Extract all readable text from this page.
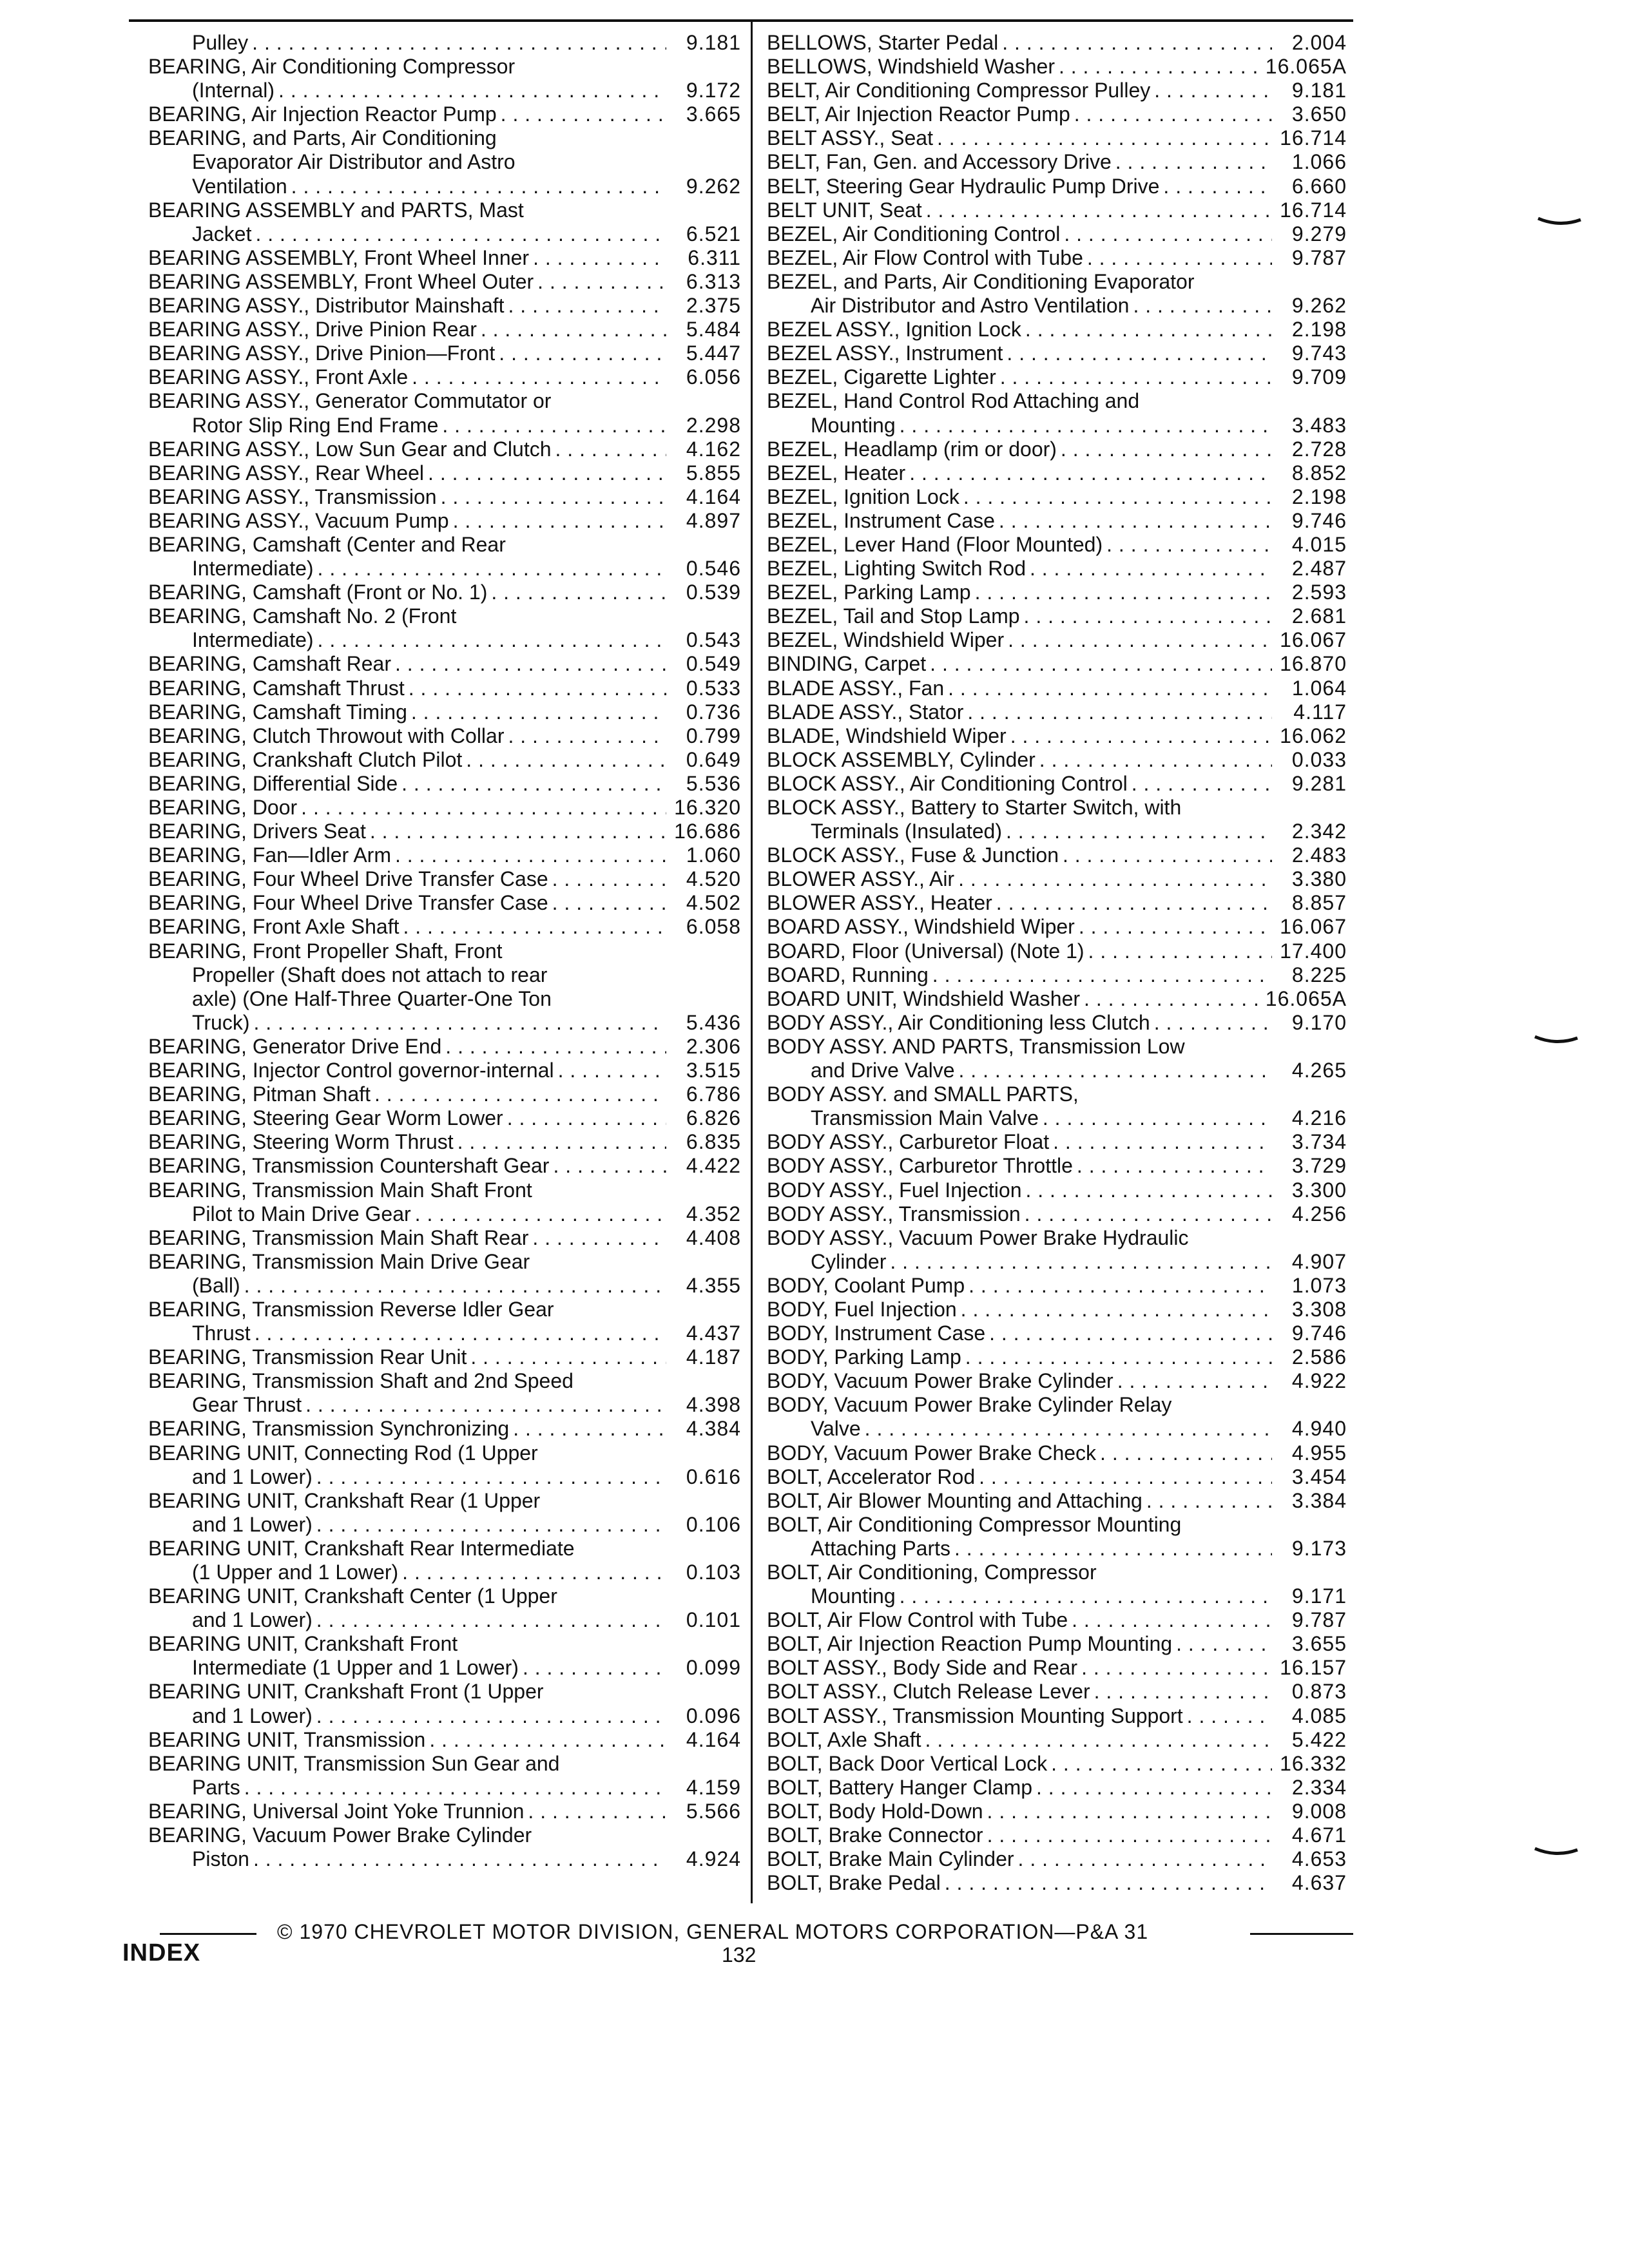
Pulley . . .	9.181
BEARING, Air Conditioning Compressor
(Internal) . . .	9.172
BEARING, Air Injection Reactor Pump . . .	3.665
BEARING, and Parts, Air Conditioning
Evaporator Air Distributor and Astro
Ventilation . . .	9.262
BEARING ASSEMBLY and PARTS, Mast
Jacket . . .	6.521
BEARING ASSEMBLY, Front Wheel Inner . . .	6.311
BEARING ASSEMBLY, Front Wheel Outer . . .	6.313
BEARING ASSY., Distributor Mainshaft . . .	2.375
BEARING ASSY., Drive Pinion Rear . . .	5.484
BEARING ASSY., Drive Pinion—Front . . .	5.447
BEARING ASSY., Front Axle . . .	6.056
BEARING ASSY., Generator Commutator or
Rotor Slip Ring End Frame . . .	2.298
BEARING ASSY., Low Sun Gear and Clutch . . .	4.162
BEARING ASSY., Rear Wheel . . .	5.855
BEARING ASSY., Transmission . . .	4.164
BEARING ASSY., Vacuum Pump . . .	4.897
BEARING, Camshaft (Center and Rear
Intermediate) . . .	0.546
BEARING, Camshaft (Front or No. 1) . . .	0.539
BEARING, Camshaft No. 2 (Front
Intermediate) . . .	0.543
BEARING, Camshaft Rear . . .	0.549
BEARING, Camshaft Thrust . . .	0.533
BEARING, Camshaft Timing . . .	0.736
BEARING, Clutch Throwout with Collar . . .	0.799
BEARING, Crankshaft Clutch Pilot . . .	0.649
BEARING, Differential Side . . .	5.536
BEARING, Door . . .	16.320
BEARING, Drivers Seat . . .	16.686
BEARING, Fan—Idler Arm . . .	1.060
BEARING, Four Wheel Drive Transfer Case . . .	4.520
BEARING, Four Wheel Drive Transfer Case . . .	4.502
BEARING, Front Axle Shaft . . .	6.058
BEARING, Front Propeller Shaft, Front
Propeller (Shaft does not attach to rear
axle) (One Half-Three Quarter-One Ton
Truck) . . .	5.436
BEARING, Generator Drive End . . .	2.306
BEARING, Injector Control governor-internal . . .	3.515
BEARING, Pitman Shaft . . .	6.786
BEARING, Steering Gear Worm Lower . . .	6.826
BEARING, Steering Worm Thrust . . .	6.835
BEARING, Transmission Countershaft Gear . . .	4.422
BEARING, Transmission Main Shaft Front
Pilot to Main Drive Gear . . .	4.352
BEARING, Transmission Main Shaft Rear . . .	4.408
BEARING, Transmission Main Drive Gear
(Ball) . . .	4.355
BEARING, Transmission Reverse Idler Gear
Thrust . . .	4.437
BEARING, Transmission Rear Unit . . .	4.187
BEARING, Transmission Shaft and 2nd Speed
Gear Thrust . . .	4.398
BEARING, Transmission Synchronizing . . .	4.384
BEARING UNIT, Connecting Rod (1 Upper
and 1 Lower) . . .	0.616
BEARING UNIT, Crankshaft Rear (1 Upper
and 1 Lower) . . .	0.106
BEARING UNIT, Crankshaft Rear Intermediate
(1 Upper and 1 Lower) . . .	0.103
BEARING UNIT, Crankshaft Center (1 Upper
and 1 Lower) . . .	0.101
BEARING UNIT, Crankshaft Front
Intermediate (1 Upper and 1 Lower) . . .	0.099
BEARING UNIT, Crankshaft Front (1 Upper
and 1 Lower) . . .	0.096
BEARING UNIT, Transmission . . .	4.164
BEARING UNIT, Transmission Sun Gear and
Parts . . .	4.159
BEARING, Universal Joint Yoke Trunnion . . .	5.566
BEARING, Vacuum Power Brake Cylinder
Piston . . .	4.924
BELLOWS, Starter Pedal . . .	2.004
BELLOWS, Windshield Washer . . .	16.065A
BELT, Air Conditioning Compressor Pulley . . .	9.181
BELT, Air Injection Reactor Pump . . .	3.650
BELT ASSY., Seat . . .	16.714
BELT, Fan, Gen. and Accessory Drive . . .	1.066
BELT, Steering Gear Hydraulic Pump Drive . . .	6.660
BELT UNIT, Seat . . .	16.714
BEZEL, Air Conditioning Control . . .	9.279
BEZEL, Air Flow Control with Tube . . .	9.787
BEZEL, and Parts, Air Conditioning Evaporator
Air Distributor and Astro Ventilation . . .	9.262
BEZEL ASSY., Ignition Lock . . .	2.198
BEZEL ASSY., Instrument . . .	9.743
BEZEL, Cigarette Lighter . . .	9.709
BEZEL, Hand Control Rod Attaching and
Mounting . . .	3.483
BEZEL, Headlamp (rim or door) . . .	2.728
BEZEL, Heater . . .	8.852
BEZEL, Ignition Lock . . .	2.198
BEZEL, Instrument Case . . .	9.746
BEZEL, Lever Hand (Floor Mounted) . . .	4.015
BEZEL, Lighting Switch Rod . . .	2.487
BEZEL, Parking Lamp . . .	2.593
BEZEL, Tail and Stop Lamp . . .	2.681
BEZEL, Windshield Wiper . . .	16.067
BINDING, Carpet . . .	16.870
BLADE ASSY., Fan . . .	1.064
BLADE ASSY., Stator . . .	4.117
BLADE, Windshield Wiper . . .	16.062
BLOCK ASSEMBLY, Cylinder . . .	0.033
BLOCK ASSY., Air Conditioning Control . . .	9.281
BLOCK ASSY., Battery to Starter Switch, with
Terminals (Insulated) . . .	2.342
BLOCK ASSY., Fuse & Junction . . .	2.483
BLOWER ASSY., Air . . .	3.380
BLOWER ASSY., Heater . . .	8.857
BOARD ASSY., Windshield Wiper . . .	16.067
BOARD, Floor (Universal) (Note 1) . . .	17.400
BOARD, Running . . .	8.225
BOARD UNIT, Windshield Washer . . .	16.065A
BODY ASSY., Air Conditioning less Clutch . . .	9.170
BODY ASSY. AND PARTS, Transmission Low
and Drive Valve . . .	4.265
BODY ASSY. and SMALL PARTS,
Transmission Main Valve . . .	4.216
BODY ASSY., Carburetor Float . . .	3.734
BODY ASSY., Carburetor Throttle . . .	3.729
BODY ASSY., Fuel Injection . . .	3.300
BODY ASSY., Transmission . . .	4.256
BODY ASSY., Vacuum Power Brake Hydraulic
Cylinder . . .	4.907
BODY, Coolant Pump . . .	1.073
BODY, Fuel Injection . . .	3.308
BODY, Instrument Case . . .	9.746
BODY, Parking Lamp . . .	2.586
BODY, Vacuum Power Brake Cylinder . . .	4.922
BODY, Vacuum Power Brake Cylinder Relay
Valve . . .	4.940
BODY, Vacuum Power Brake Check . . .	4.955
BOLT, Accelerator Rod . . .	3.454
BOLT, Air Blower Mounting and Attaching . . .	3.384
BOLT, Air Conditioning Compressor Mounting
Attaching Parts . . .	9.173
BOLT, Air Conditioning, Compressor
Mounting . . .	9.171
BOLT, Air Flow Control with Tube . . .	9.787
BOLT, Air Injection Reaction Pump Mounting . . .	3.655
BOLT ASSY., Body Side and Rear . . .	16.157
BOLT ASSY., Clutch Release Lever . . .	0.873
BOLT ASSY., Transmission Mounting Support . . .	4.085
BOLT, Axle Shaft . . .	5.422
BOLT, Back Door Vertical Lock . . .	16.332
BOLT, Battery Hanger Clamp . . .	2.334
BOLT, Body Hold-Down . . .	9.008
BOLT, Brake Connector . . .	4.671
BOLT, Brake Main Cylinder . . .	4.653
BOLT, Brake Pedal . . .	4.637
© 1970 CHEVROLET MOTOR DIVISION, GENERAL MOTORS CORPORATION—P&A 31
INDEX	132
